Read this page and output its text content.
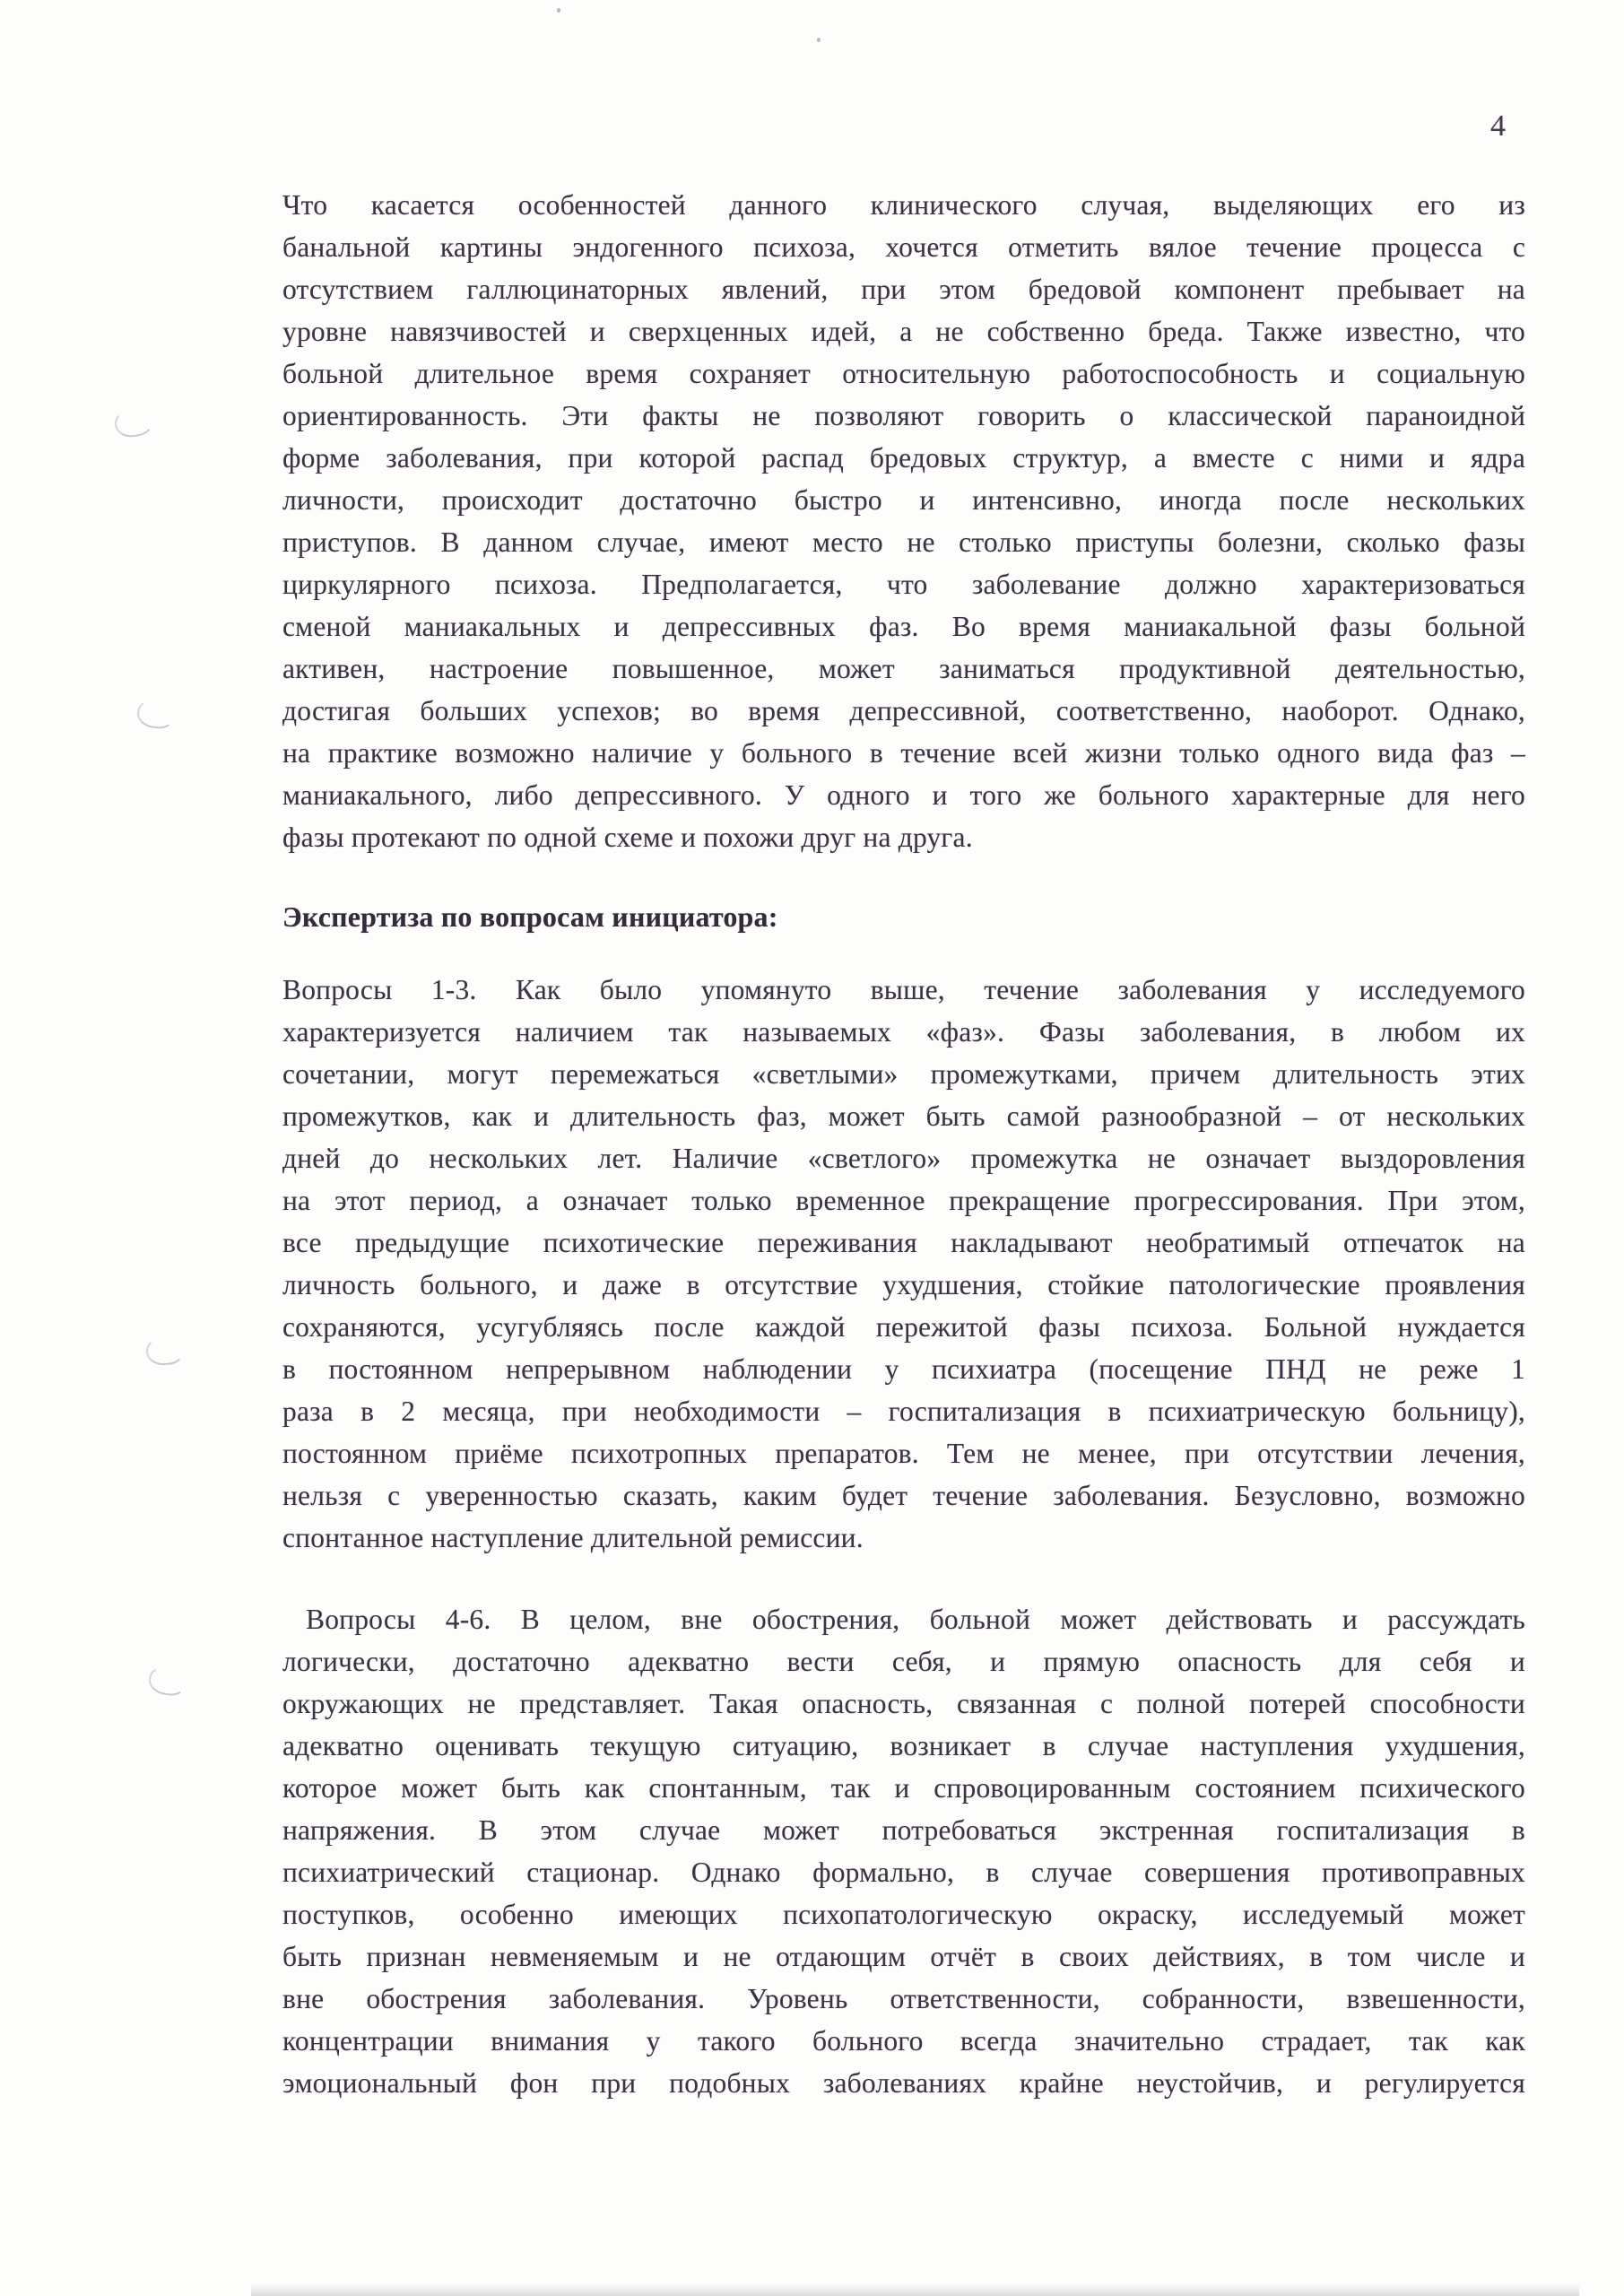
4
Что касается особенностей данного клинического случая, выделяющих его из
банальной картины эндогенного психоза, хочется отметить вялое течение процесса с
отсутствием галлюцинаторных явлений, при этом бредовой компонент пребывает на
уровне навязчивостей и сверхценных идей, а не собственно бреда. Также известно, что
больной длительное время сохраняет относительную работоспособность и социальную
ориентированность. Эти факты не позволяют говорить о классической параноидной
форме заболевания, при которой распад бредовых структур, а вместе с ними и ядра
личности, происходит достаточно быстро и интенсивно, иногда после нескольких
приступов. В данном случае, имеют место не столько приступы болезни, сколько фазы
циркулярного психоза. Предполагается, что заболевание должно характеризоваться
сменой маниакальных и депрессивных фаз. Во время маниакальной фазы больной
активен, настроение повышенное, может заниматься продуктивной деятельностью,
достигая больших успехов; во время депрессивной, соответственно, наоборот. Однако,
на практике возможно наличие у больного в течение всей жизни только одного вида фаз –
маниакального, либо депрессивного. У одного и того же больного характерные для него
фазы протекают по одной схеме и похожи друг на друга.
Экспертиза по вопросам инициатора:
Вопросы 1-3. Как было упомянуто выше, течение заболевания у исследуемого
характеризуется наличием так называемых «фаз». Фазы заболевания, в любом их
сочетании, могут перемежаться «светлыми» промежутками, причем длительность этих
промежутков, как и длительность фаз, может быть самой разнообразной – от нескольких
дней до нескольких лет. Наличие «светлого» промежутка не означает выздоровления
на этот период, а означает только временное прекращение прогрессирования. При этом,
все предыдущие психотические переживания накладывают необратимый отпечаток на
личность больного, и даже в отсутствие ухудшения, стойкие патологические проявления
сохраняются, усугубляясь после каждой пережитой фазы психоза. Больной нуждается
в постоянном непрерывном наблюдении у психиатра (посещение ПНД не реже 1
раза в 2 месяца, при необходимости – госпитализация в психиатрическую больницу),
постоянном приёме психотропных препаратов. Тем не менее, при отсутствии лечения,
нельзя с уверенностью сказать, каким будет течение заболевания. Безусловно, возможно
спонтанное наступление длительной ремиссии.
Вопросы 4-6. В целом, вне обострения, больной может действовать и рассуждать
логически, достаточно адекватно вести себя, и прямую опасность для себя и
окружающих не представляет. Такая опасность, связанная с полной потерей способности
адекватно оценивать текущую ситуацию, возникает в случае наступления ухудшения,
которое может быть как спонтанным, так и спровоцированным состоянием психического
напряжения. В этом случае может потребоваться экстренная госпитализация в
психиатрический стационар. Однако формально, в случае совершения противоправных
поступков, особенно имеющих психопатологическую окраску, исследуемый может
быть признан невменяемым и не отдающим отчёт в своих действиях, в том числе и
вне обострения заболевания. Уровень ответственности, собранности, взвешенности,
концентрации внимания у такого больного всегда значительно страдает, так как
эмоциональный фон при подобных заболеваниях крайне неустойчив, и регулируется
